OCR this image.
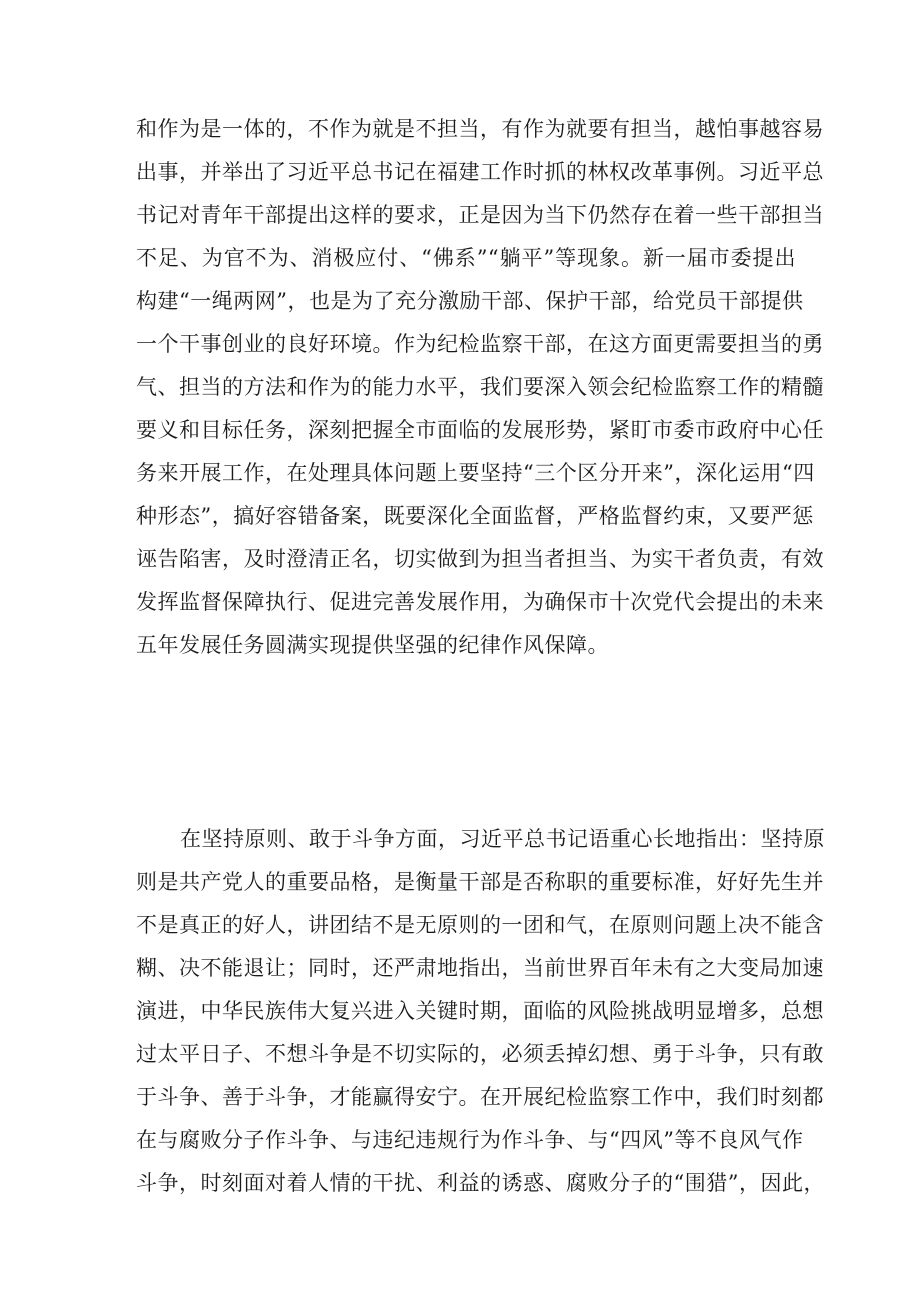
和作为是一体的，不作为就是不担当，有作为就要有担当，越怕事越容易
出事，并举出了习近平总书记在福建工作时抓的林权改革事例。习近平总
书记对青年干部提出这样的要求，正是因为当下仍然存在着一些干部担当
不足、为官不为、消极应付、“佛系”“躺平”等现象。新一届市委提出
构建“一绳两网”，也是为了充分激励干部、保护干部，给党员干部提供
一个干事创业的良好环境。作为纪检监察干部，在这方面更需要担当的勇
气、担当的方法和作为的能力水平，我们要深入领会纪检监察工作的精髓
要义和目标任务，深刻把握全市面临的发展形势，紧盯市委市政府中心任
务来开展工作，在处理具体问题上要坚持“三个区分开来”，深化运用“四
种形态”，搞好容错备案，既要深化全面监督，严格监督约束，又要严惩
诬告陷害，及时澄清正名，切实做到为担当者担当、为实干者负责，有效
发挥监督保障执行、促进完善发展作用，为确保市十次党代会提出的未来
五年发展任务圆满实现提供坚强的纪律作风保障。
在坚持原则、敢于斗争方面，习近平总书记语重心长地指出：坚持原
则是共产党人的重要品格，是衡量干部是否称职的重要标准，好好先生并
不是真正的好人，讲团结不是无原则的一团和气，在原则问题上决不能含
糊、决不能退让；同时，还严肃地指出，当前世界百年未有之大变局加速
演进，中华民族伟大复兴进入关键时期，面临的风险挑战明显增多，总想
过太平日子、不想斗争是不切实际的，必须丢掉幻想、勇于斗争，只有敢
于斗争、善于斗争，才能赢得安宁。在开展纪检监察工作中，我们时刻都
在与腐败分子作斗争、与违纪违规行为作斗争、与“四风”等不良风气作
斗争，时刻面对着人情的干扰、利益的诱惑、腐败分子的“围猎”，因此，
